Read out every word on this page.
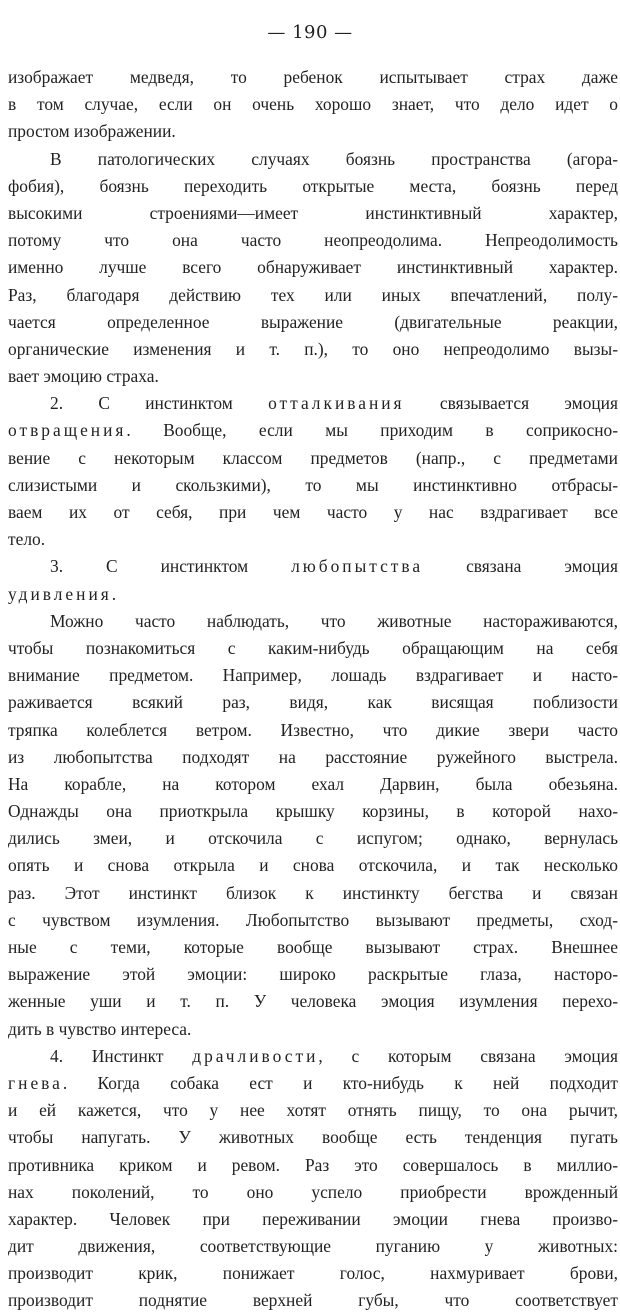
— 190 —
изображает медведя, то ребенок испытывает страх даже
в том случае, если он очень хорошо знает, что дело идет о
простом изображении.
В патологических случаях боязнь пространства (агора-
фобия), боязнь переходить открытые места, боязнь перед
высокими строениями—имеет инстинктивный характер,
потому что она часто неопреодолима. Непреодолимость
именно лучше всего обнаруживает инстинктивный характер.
Раз, благодаря действию тех или иных впечатлений, полу-
чается определенное выражение (двигательные реакции,
органические изменения и т. п.), то оно непреодолимо вызы-
вает эмоцию страха.
2. С инстинктом отталкивания связывается эмоция
отвращения. Вообще, если мы приходим в соприкосно-
вение с некоторым классом предметов (напр., с предметами
слизистыми и скользкими), то мы инстинктивно отбрасы-
ваем их от себя, при чем часто у нас вздрагивает все
тело.
3. С инстинктом любопытства связана эмоция
удивления.
Можно часто наблюдать, что животные настораживаются,
чтобы познакомиться с каким-нибудь обращающим на себя
внимание предметом. Например, лошадь вздрагивает и насто-
раживается всякий раз, видя, как висящая поблизости
тряпка колеблется ветром. Известно, что дикие звери часто
из любопытства подходят на расстояние ружейного выстрела.
На корабле, на котором ехал Дарвин, была обезьяна.
Однажды она приоткрыла крышку корзины, в которой нахо-
дились змеи, и отскочила с испугом; однако, вернулась
опять и снова открыла и снова отскочила, и так несколько
раз. Этот инстинкт близок к инстинкту бегства и связан
с чувством изумления. Любопытство вызывают предметы, сход-
ные с теми, которые вообще вызывают страх. Внешнее
выражение этой эмоции: широко раскрытые глаза, настоpo-
женные уши и т. п. У человека эмоция изумления перехо-
дить в чувство интереса.
4. Инстинкт драчливости, с которым связана эмоция
гнева. Когда собака ест и кто-нибудь к ней подходит
и ей кажется, что у нее хотят отнять пищу, то она рычит,
чтобы напугать. У животных вообще есть тенденция пугать
противника криком и ревом. Раз это совершалось в миллио-
нах поколений, то оно успело приобрести врожденный
характер. Человек при переживании эмоции гнева произво-
дит движения, соответствующие пуганию у животных:
производит крик, понижает голос, нахмуривает брови,
производит поднятие верхней губы, что соответствует
